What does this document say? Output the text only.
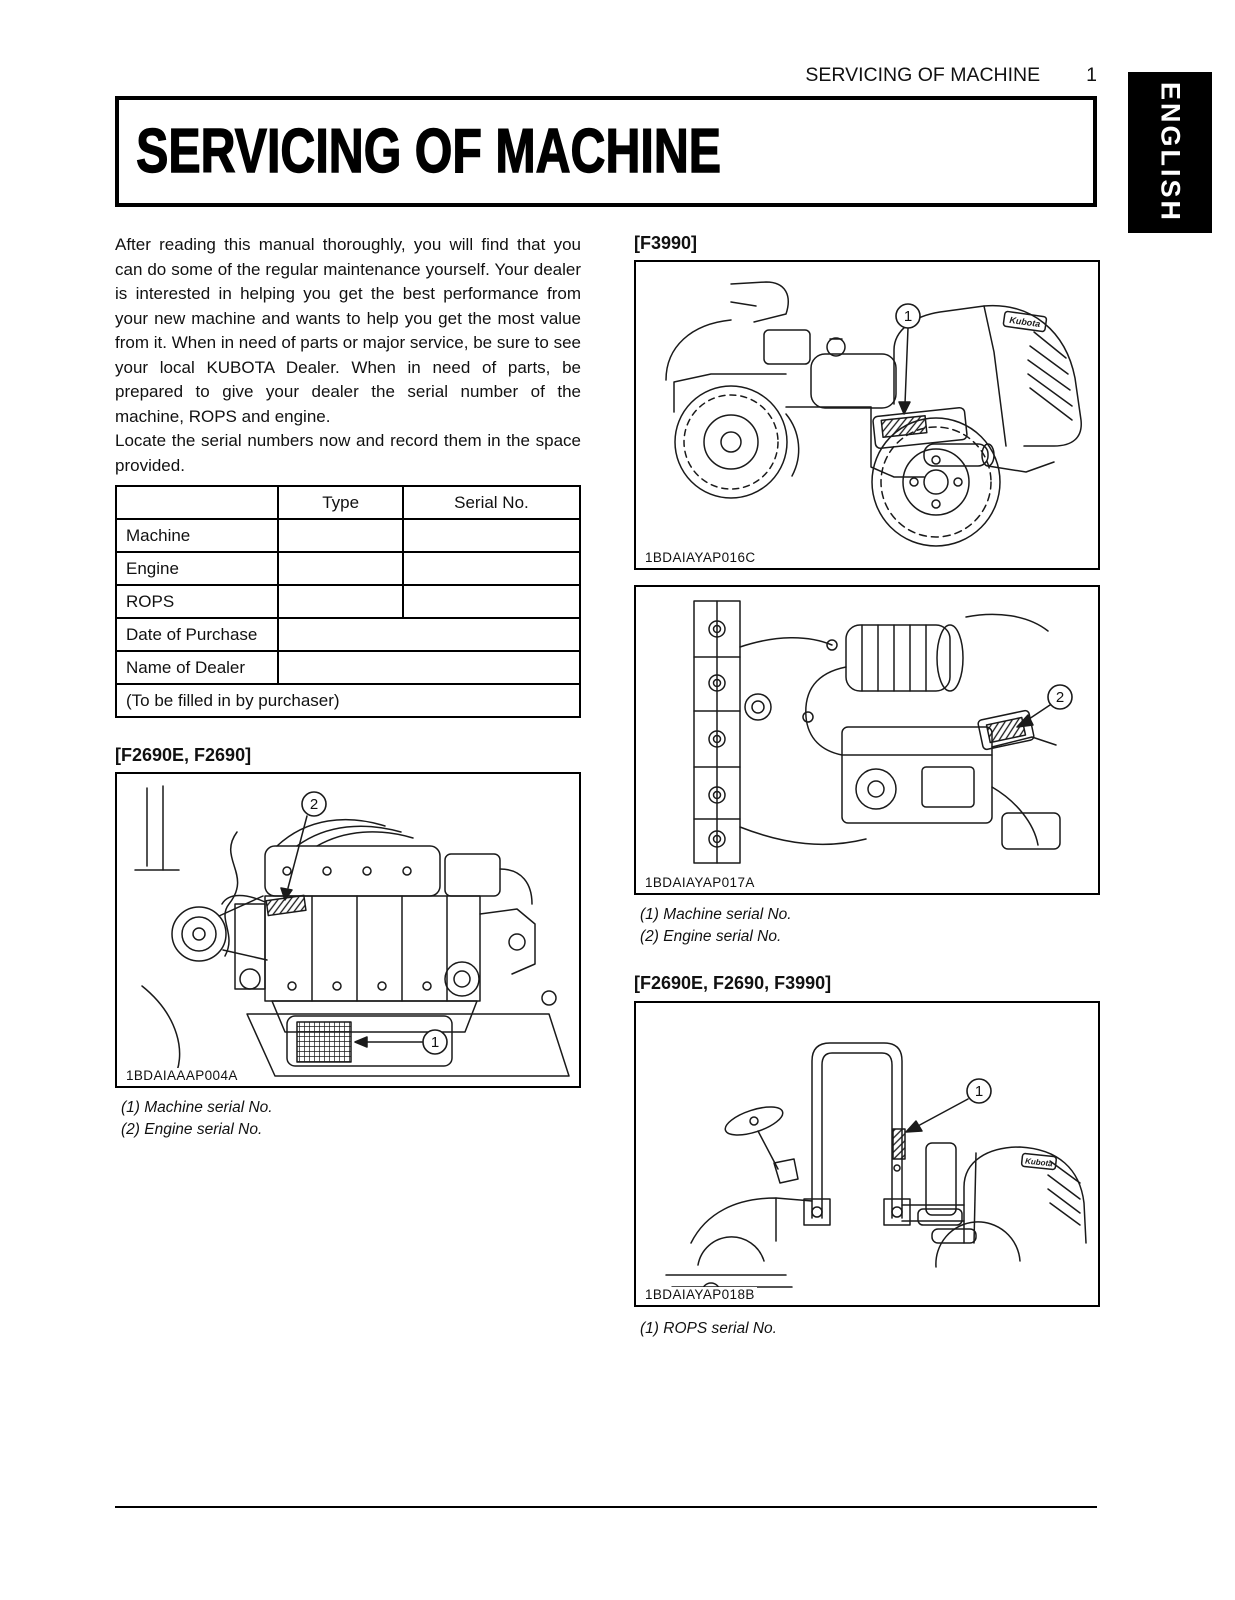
SERVICING OF MACHINE 1
ENGLISH
SERVICING OF MACHINE

After reading this manual thoroughly, you will find that you can do some of the regular maintenance yourself. Your dealer is interested in helping you get the best performance from your new machine and wants to help you get the most value from it. When in need of parts or major service, be sure to see your local KUBOTA Dealer. When in need of parts, be prepared to give your dealer the serial number of the machine, ROPS and engine.

Locate the serial numbers now and record them in the space provided.

	Type	Serial No.
Machine		
Engine		
ROPS		
Date of Purchase		
Name of Dealer		
(To be filled in by purchaser)		
[F2690E, F2690]
1
2
1BDAIAAAP004A

(1) Machine serial No.

(2) Engine serial No.

[F3990]
Kubota
1
1BDAIAYAP016C
2
1BDAIAYAP017A

(1) Machine serial No.

(2) Engine serial No.

[F2690E, F2690, F3990]
Kubota
1
1BDAIAYAP018B

(1) ROPS serial No.
